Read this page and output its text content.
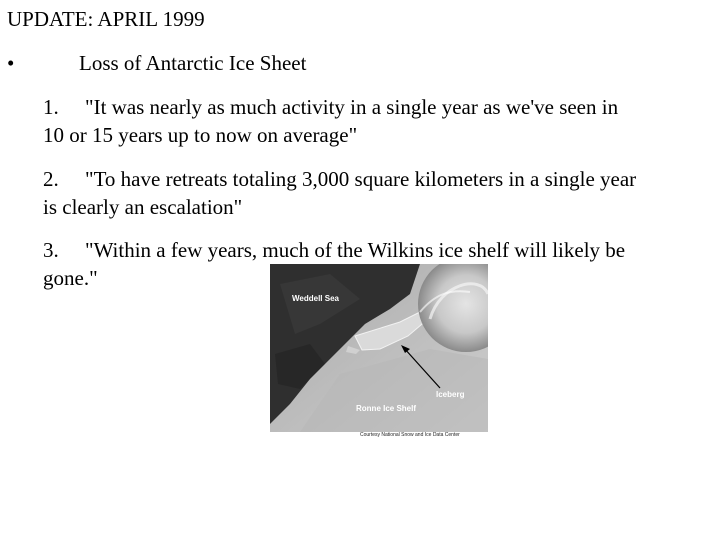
UPDATE: APRIL 1999
•	Loss of Antarctic Ice Sheet
1. "It was nearly as much activity in a single year as we've seen in 10 or 15 years up to now on average"
2. "To have retreats totaling 3,000 square kilometers in a single year is clearly an escalation"
3. "Within a few years, much of the Wilkins ice shelf will likely be gone."
Weddell Sea
Iceberg
Ronne Ice Shelf
Courtesy National Snow and Ice Data Center
